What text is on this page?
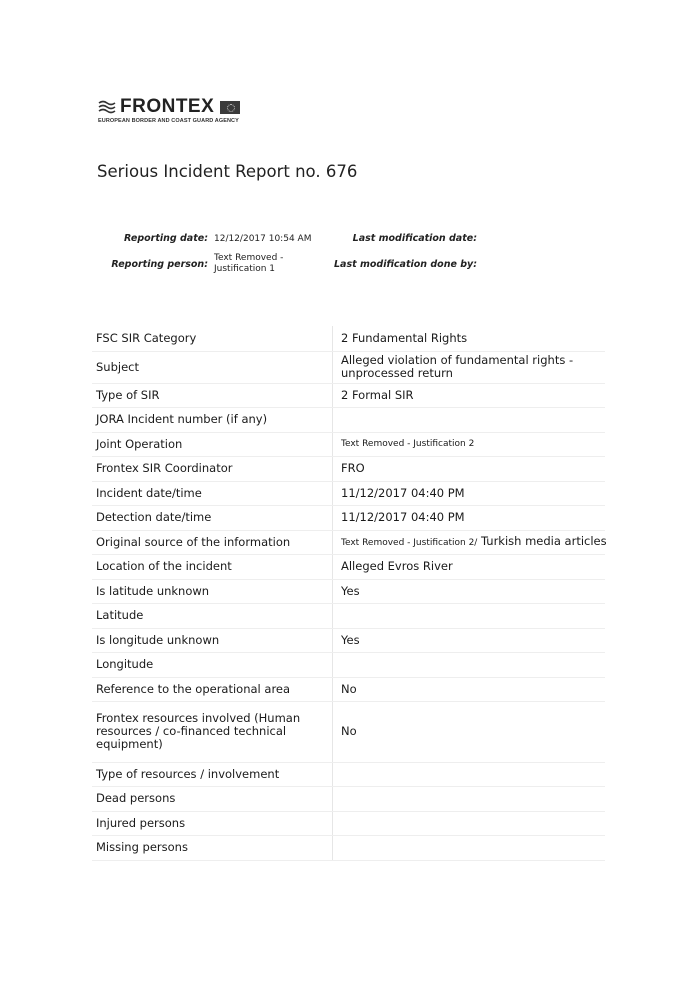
FRONTEX
EUROPEAN BORDER AND COAST GUARD AGENCY
Serious Incident Report no. 676
Reporting date: 12/12/2017 10:54 AM
Reporting person:
Text Removed - Justification 1
Last modification date:
Last modification done by:
FSC SIR Category	2 Fundamental Rights
Subject	Alleged violation of fundamental rights - unprocessed return
Type of SIR	2 Formal SIR
JORA Incident number (if any)	
Joint Operation	Text Removed - Justification 2
Frontex SIR Coordinator	FRO
Incident date/time	11/12/2017 04:40 PM
Detection date/time	11/12/2017 04:40 PM
Original source of the information	Text Removed - Justification 2/ Turkish media articles
Location of the incident	Alleged Evros River
Is latitude unknown	Yes
Latitude	
Is longitude unknown	Yes
Longitude	
Reference to the operational area	No
Frontex resources involved (Human resources / co-financed technical equipment)	No
Type of resources / involvement	
Dead persons	
Injured persons	
Missing persons	
